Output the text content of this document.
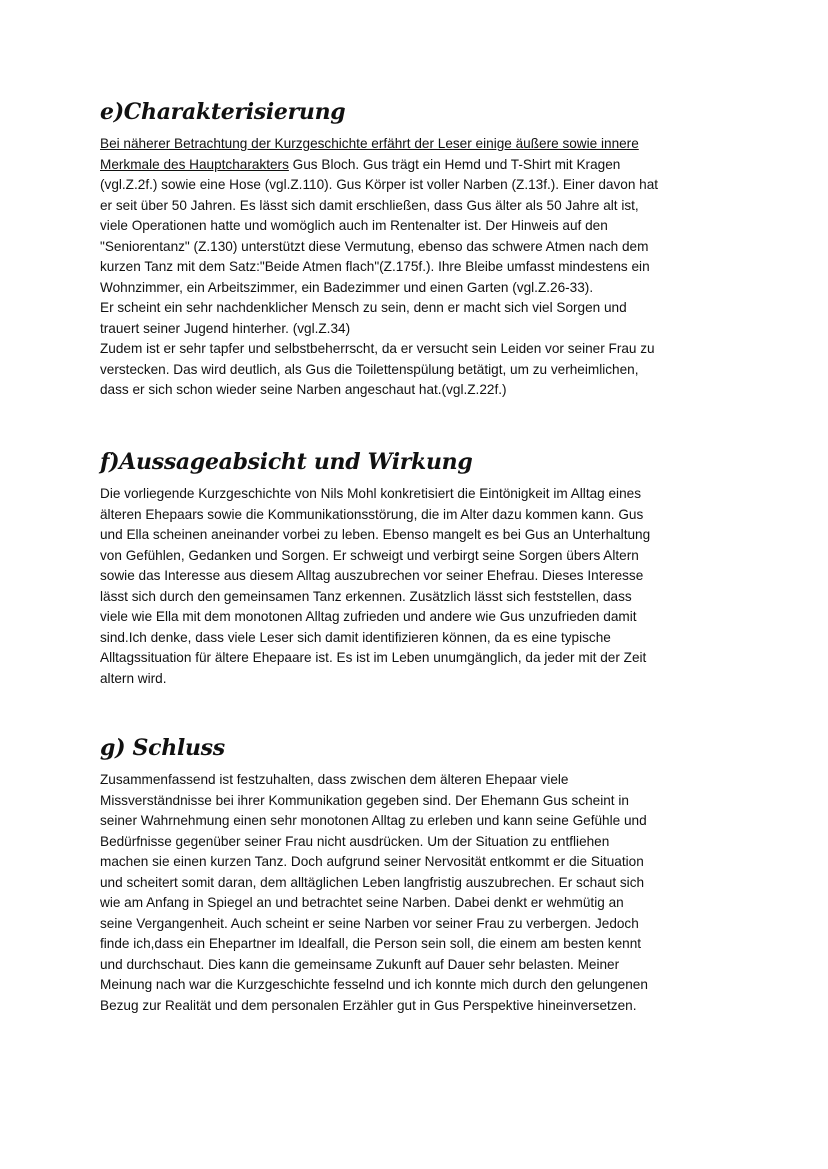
e)Charakterisierung
Bei näherer Betrachtung der Kurzgeschichte erfährt der Leser einige äußere sowie innere
Merkmale des Hauptcharakters Gus Bloch. Gus trägt ein Hemd und T-Shirt mit Kragen
(vgl.Z.2f.) sowie eine Hose (vgl.Z.110). Gus Körper ist voller Narben (Z.13f.). Einer davon hat
er seit über 50 Jahren. Es lässt sich damit erschließen, dass Gus älter als 50 Jahre alt ist,
viele Operationen hatte und womöglich auch im Rentenalter ist. Der Hinweis auf den
"Seniorentanz" (Z.130) unterstützt diese Vermutung, ebenso das schwere Atmen nach dem
kurzen Tanz mit dem Satz:"Beide Atmen flach"(Z.175f.). Ihre Bleibe umfasst mindestens ein
Wohnzimmer, ein Arbeitszimmer, ein Badezimmer und einen Garten (vgl.Z.26-33).
Er scheint ein sehr nachdenklicher Mensch zu sein, denn er macht sich viel Sorgen und
trauert seiner Jugend hinterher. (vgl.Z.34)
Zudem ist er sehr tapfer und selbstbeherrscht, da er versucht sein Leiden vor seiner Frau zu
verstecken. Das wird deutlich, als Gus die Toilettenspülung betätigt, um zu verheimlichen,
dass er sich schon wieder seine Narben angeschaut hat.(vgl.Z.22f.)
f)Aussageabsicht und Wirkung
Die vorliegende Kurzgeschichte von Nils Mohl konkretisiert die Eintönigkeit im Alltag eines
älteren Ehepaars sowie die Kommunikationsstörung, die im Alter dazu kommen kann. Gus
und Ella scheinen aneinander vorbei zu leben. Ebenso mangelt es bei Gus an Unterhaltung
von Gefühlen, Gedanken und Sorgen. Er schweigt und verbirgt seine Sorgen übers Altern
sowie das Interesse aus diesem Alltag auszubrechen vor seiner Ehefrau. Dieses Interesse
lässt sich durch den gemeinsamen Tanz erkennen. Zusätzlich lässt sich feststellen, dass
viele wie Ella mit dem monotonen Alltag zufrieden und andere wie Gus unzufrieden damit
sind.Ich denke, dass viele Leser sich damit identifizieren können, da es eine typische
Alltagssituation für ältere Ehepaare ist. Es ist im Leben unumgänglich, da jeder mit der Zeit
altern wird.
g) Schluss
Zusammenfassend ist festzuhalten, dass zwischen dem älteren Ehepaar viele
Missverständnisse bei ihrer Kommunikation gegeben sind. Der Ehemann Gus scheint in
seiner Wahrnehmung einen sehr monotonen Alltag zu erleben und kann seine Gefühle und
Bedürfnisse gegenüber seiner Frau nicht ausdrücken. Um der Situation zu entfliehen
machen sie einen kurzen Tanz. Doch aufgrund seiner Nervosität entkommt er die Situation
und scheitert somit daran, dem alltäglichen Leben langfristig auszubrechen. Er schaut sich
wie am Anfang in Spiegel an und betrachtet seine Narben. Dabei denkt er wehmütig an
seine Vergangenheit. Auch scheint er seine Narben vor seiner Frau zu verbergen. Jedoch
finde ich,dass ein Ehepartner im Idealfall, die Person sein soll, die einem am besten kennt
und durchschaut. Dies kann die gemeinsame Zukunft auf Dauer sehr belasten. Meiner
Meinung nach war die Kurzgeschichte fesselnd und ich konnte mich durch den gelungenen
Bezug zur Realität und dem personalen Erzähler gut in Gus Perspektive hineinversetzen.
